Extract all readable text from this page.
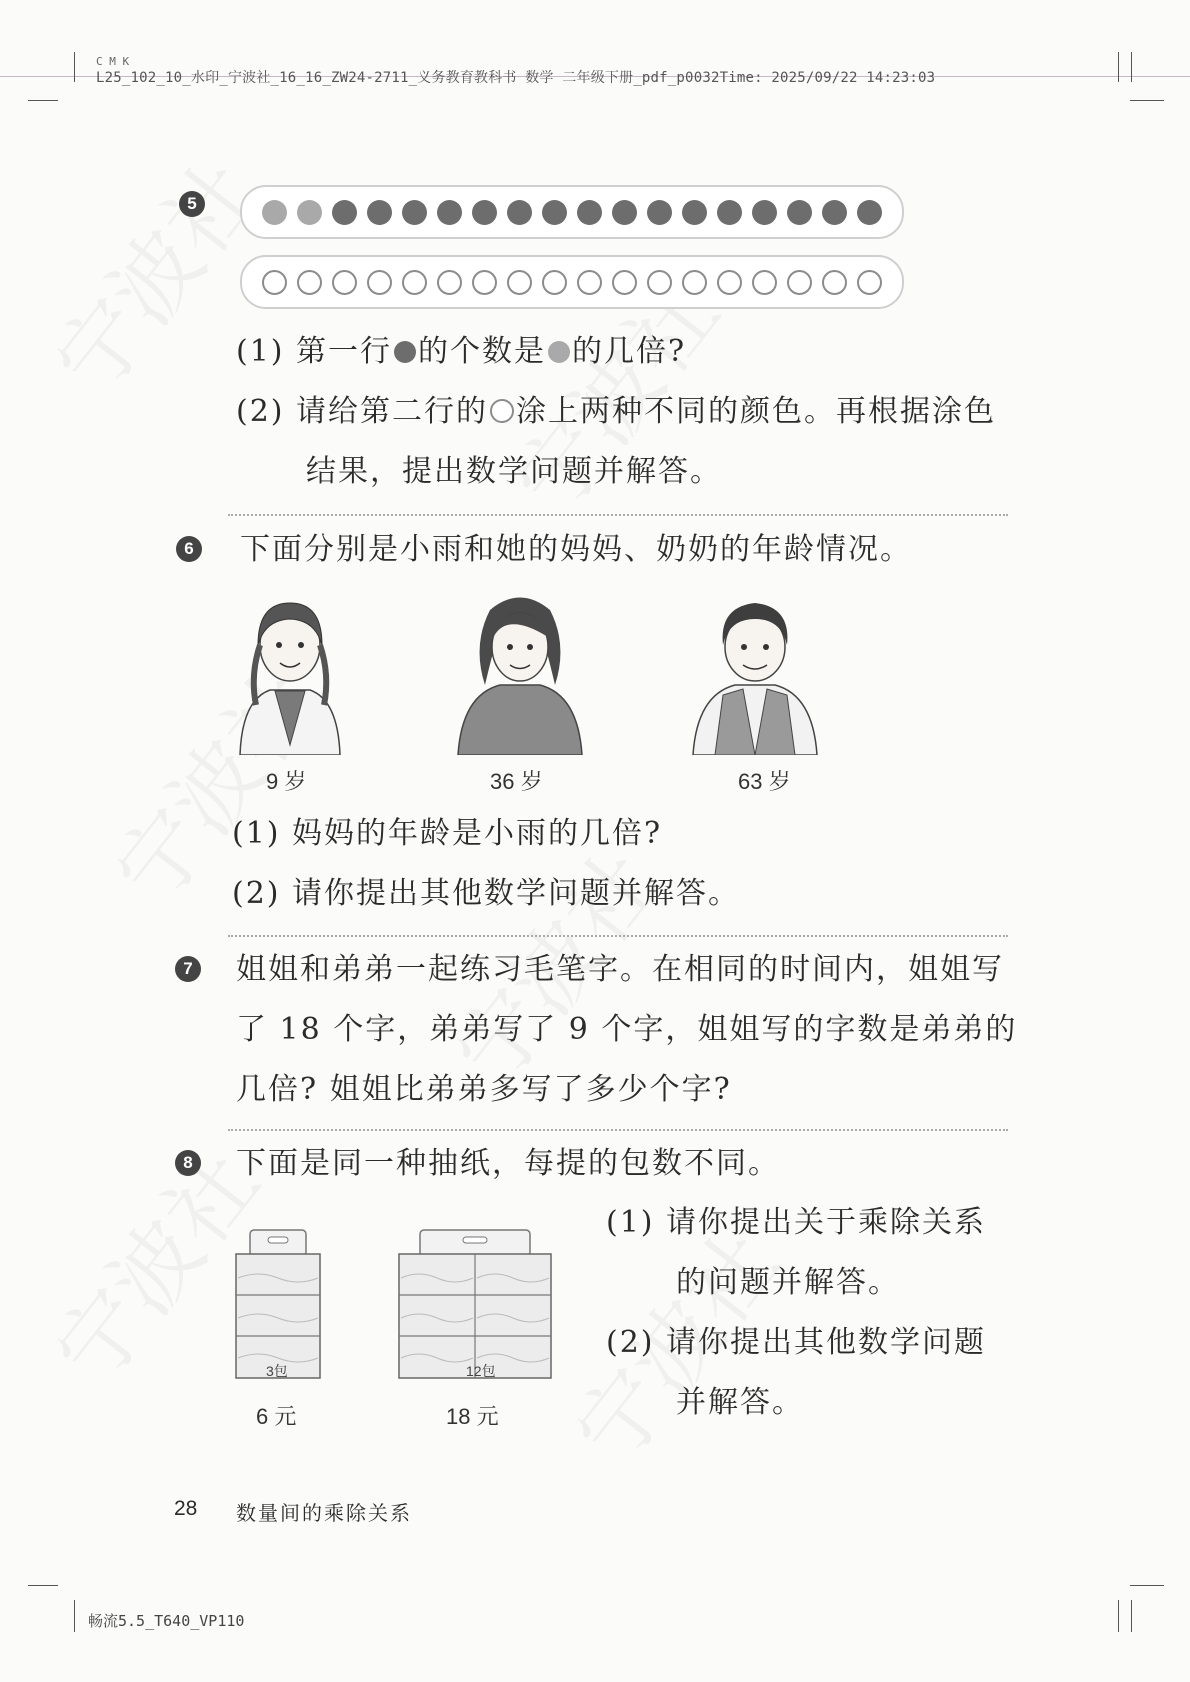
C M K
L25_102_10_水印_宁波社_16_16_ZW24-2711_义务教育教科书 数学 二年级下册_pdf_p0032Time: 2025/09/22 14:23:03
畅流5.5_T640_VP110
5
(1) 第一行 的个数是 的几倍?
(2) 请给第二行的 涂上两种不同的颜色。再根据涂色
结果，提出数学问题并解答。
6 下面分别是小雨和她的妈妈、奶奶的年龄情况。
9 岁	36 岁	63 岁
(1) 妈妈的年龄是小雨的几倍?
(2) 请你提出其他数学问题并解答。
7 姐姐和弟弟一起练习毛笔字。在相同的时间内，姐姐写
了 18 个字，弟弟写了 9 个字，姐姐写的字数是弟弟的
几倍? 姐姐比弟弟多写了多少个字?
8 下面是同一种抽纸，每提的包数不同。
3包	12包
6 元	18 元
(1) 请你提出关于乘除关系
的问题并解答。
(2) 请你提出其他数学问题
并解答。
28 数量间的乘除关系
